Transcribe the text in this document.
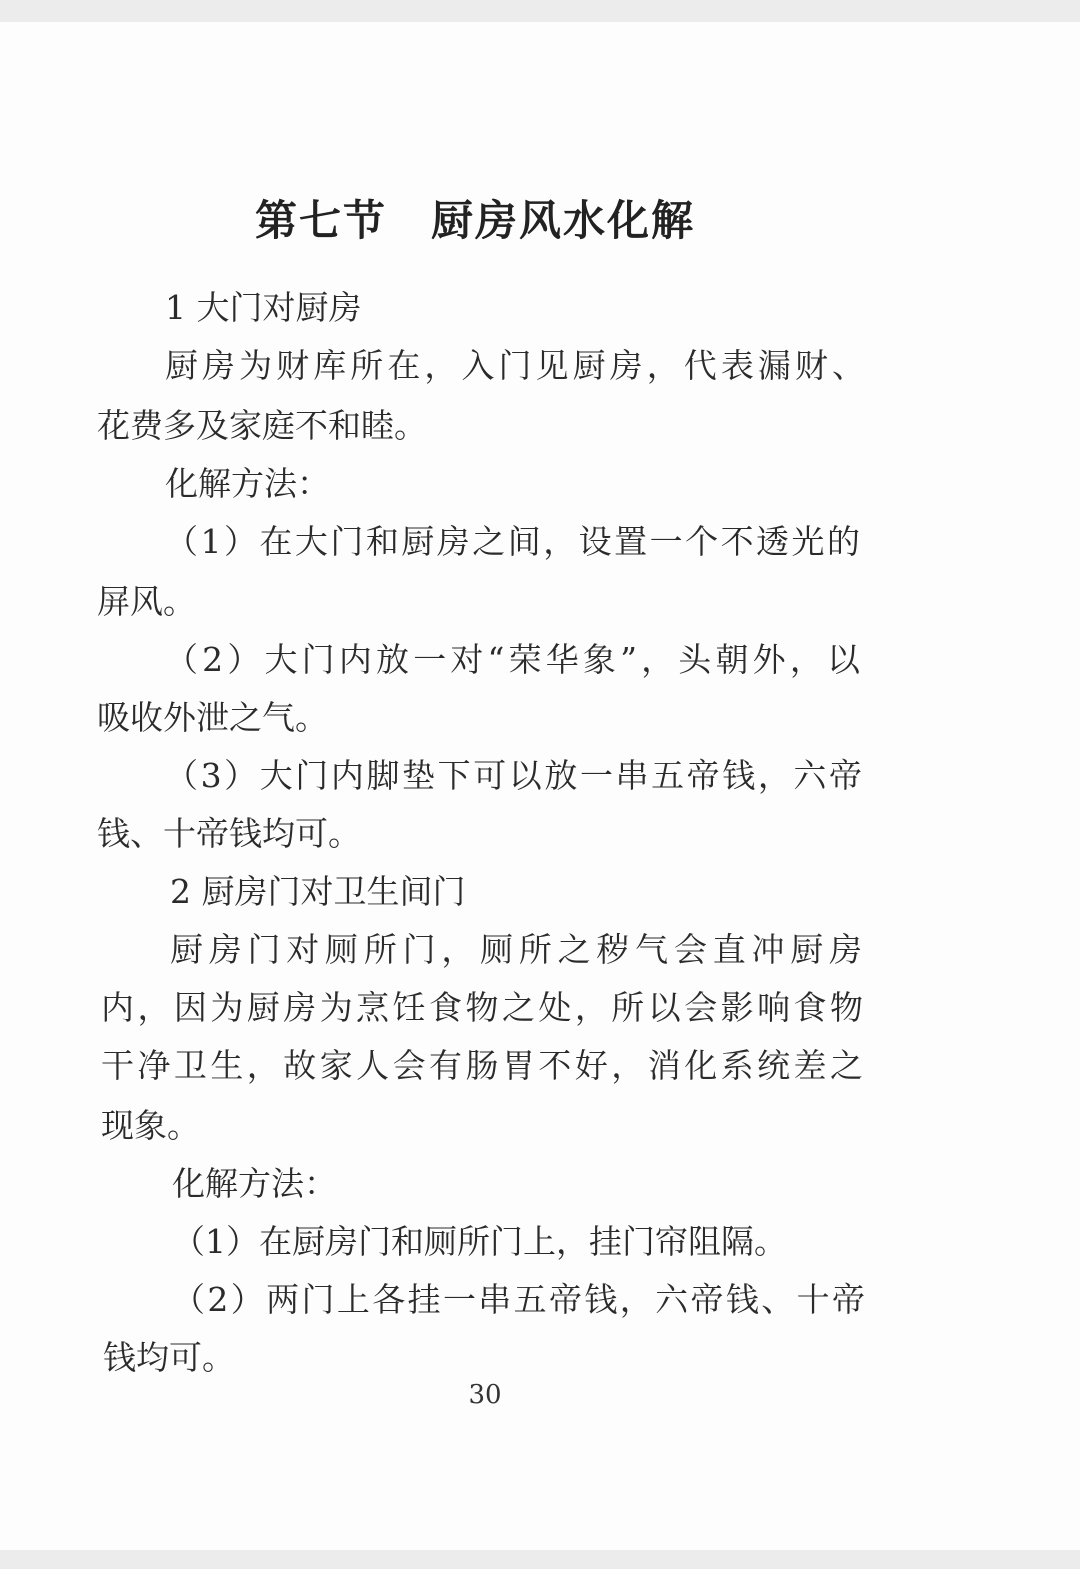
第七节　厨房风水化解
1 大门对厨房
厨房为财库所在，入门见厨房，代表漏财、
花费多及家庭不和睦。
化解方法：
（1）在大门和厨房之间，设置一个不透光的
屏风。
（2）大门内放一对“荣华象”，头朝外，以
吸收外泄之气。
（3）大门内脚垫下可以放一串五帝钱，六帝
钱、十帝钱均可。
2 厨房门对卫生间门
厨房门对厕所门，厕所之秽气会直冲厨房
内，因为厨房为烹饪食物之处，所以会影响食物
干净卫生，故家人会有肠胃不好，消化系统差之
现象。
化解方法：
（1）在厨房门和厕所门上，挂门帘阻隔。
（2）两门上各挂一串五帝钱，六帝钱、十帝
钱均可。
30
